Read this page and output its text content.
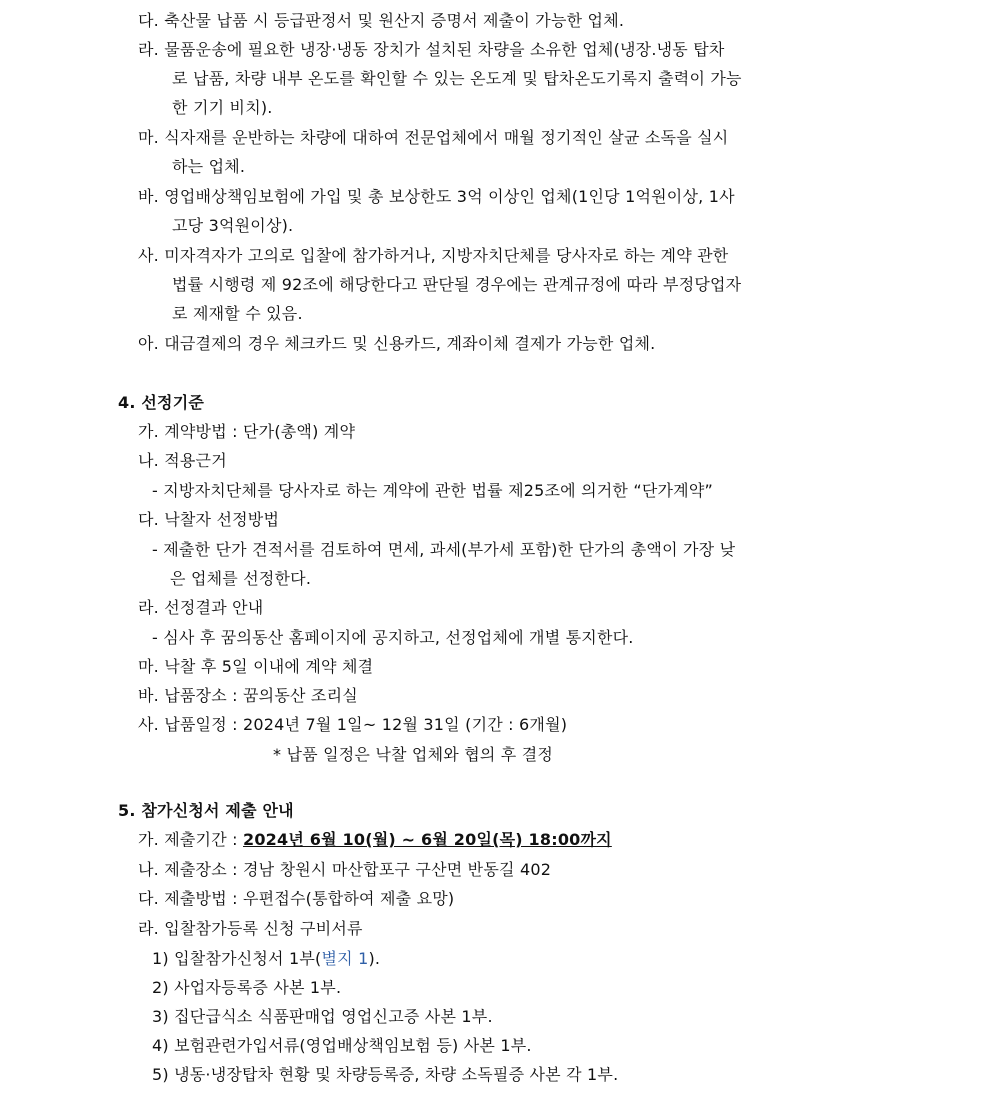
다. 축산물 납품 시 등급판정서 및 원산지 증명서 제출이 가능한 업체.
라. 물품운송에 필요한 냉장·냉동 장치가 설치된 차량을 소유한 업체(냉장.냉동 탑차
로 납품, 차량 내부 온도를 확인할 수 있는 온도계 및 탑차온도기록지 출력이 가능
한 기기 비치).
마. 식자재를 운반하는 차량에 대하여 전문업체에서 매월 정기적인 살균 소독을 실시
하는 업체.
바. 영업배상책임보험에 가입 및 총 보상한도 3억 이상인 업체(1인당 1억원이상, 1사
고당 3억원이상).
사. 미자격자가 고의로 입찰에 참가하거나, 지방자치단체를 당사자로 하는 계약 관한
법률 시행령 제 92조에 해당한다고 판단될 경우에는 관계규정에 따라 부정당업자
로 제재할 수 있음.
아. 대금결제의 경우 체크카드 및 신용카드, 계좌이체 결제가 가능한 업체.
4. 선정기준
가. 계약방법 : 단가(총액) 계약
나. 적용근거
- 지방자치단체를 당사자로 하는 계약에 관한 법률 제25조에 의거한 “단가계약”
다. 낙찰자 선정방법
- 제출한 단가 견적서를 검토하여 면세, 과세(부가세 포함)한 단가의 총액이 가장 낮
은 업체를 선정한다.
라. 선정결과 안내
- 심사 후 꿈의동산 홈페이지에 공지하고, 선정업체에 개별 통지한다.
마. 낙찰 후 5일 이내에 계약 체결
바. 납품장소 : 꿈의동산 조리실
사. 납품일정 : 2024년 7월 1일~ 12월 31일 (기간 : 6개월)
* 납품 일정은 낙찰 업체와 협의 후 결정
5. 참가신청서 제출 안내
가. 제출기간 : 2024년 6월 10(월) ~ 6월 20일(목) 18:00까지
나. 제출장소 : 경남 창원시 마산합포구 구산면 반동길 402
다. 제출방법 : 우편접수(통합하여 제출 요망)
라. 입찰참가등록 신청 구비서류
1) 입찰참가신청서 1부(별지 1).
2) 사업자등록증 사본 1부.
3) 집단급식소 식품판매업 영업신고증 사본 1부.
4) 보험관련가입서류(영업배상책임보험 등) 사본 1부.
5) 냉동·냉장탑차 현황 및 차량등록증, 차량 소독필증 사본 각 1부.
